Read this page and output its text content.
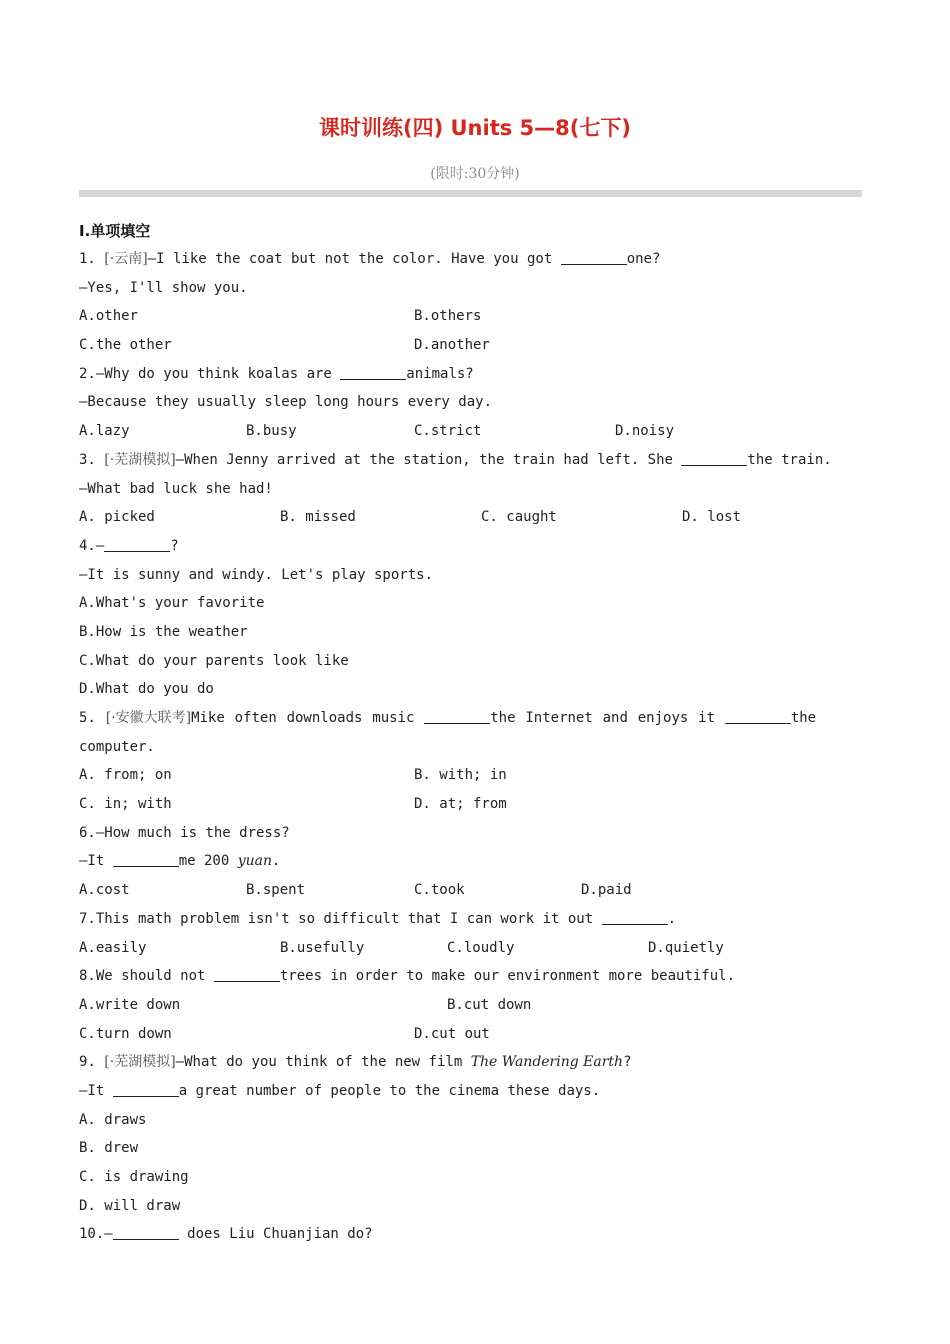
课时训练(四) Units 5—8(七下)
(限时:30分钟)
Ⅰ.单项填空
1. [·云南]—I like the coat but not the color. Have you got	one?
—Yes, I'll show you.
A.other	B.others
C.the other	D.another
2.—Why do you think koalas are	animals?
—Because they usually sleep long hours every day.
A.lazy	B.busy	C.strict	D.noisy
3. [·芜湖模拟]—When Jenny arrived at the station, the train had left. She	the train.
—What bad luck she had!
A. picked	B. missed	C. caught	D. lost
4.—	?
—It is sunny and windy. Let's play sports.
A.What's your favorite
B.How is the weather
C.What do your parents look like
D.What do you do
5. [·安徽大联考]Mike often downloads music	the Internet and enjoys it	the
computer.
A. from; on	B. with; in
C. in; with	D. at; from
6.—How much is the dress?
—It	me 200 yuan.
A.cost	B.spent	C.took	D.paid
7.This math problem isn't so difficult that I can work it out	.
A.easily	B.usefully	C.loudly	D.quietly
8.We should not	trees in order to make our environment more beautiful.
A.write down	B.cut down
C.turn down	D.cut out
9. [·芜湖模拟]—What do you think of the new film The Wandering Earth?
—It	a great number of people to the cinema these days.
A. draws
B. drew
C. is drawing
D. will draw
10.—	does Liu Chuanjian do?
